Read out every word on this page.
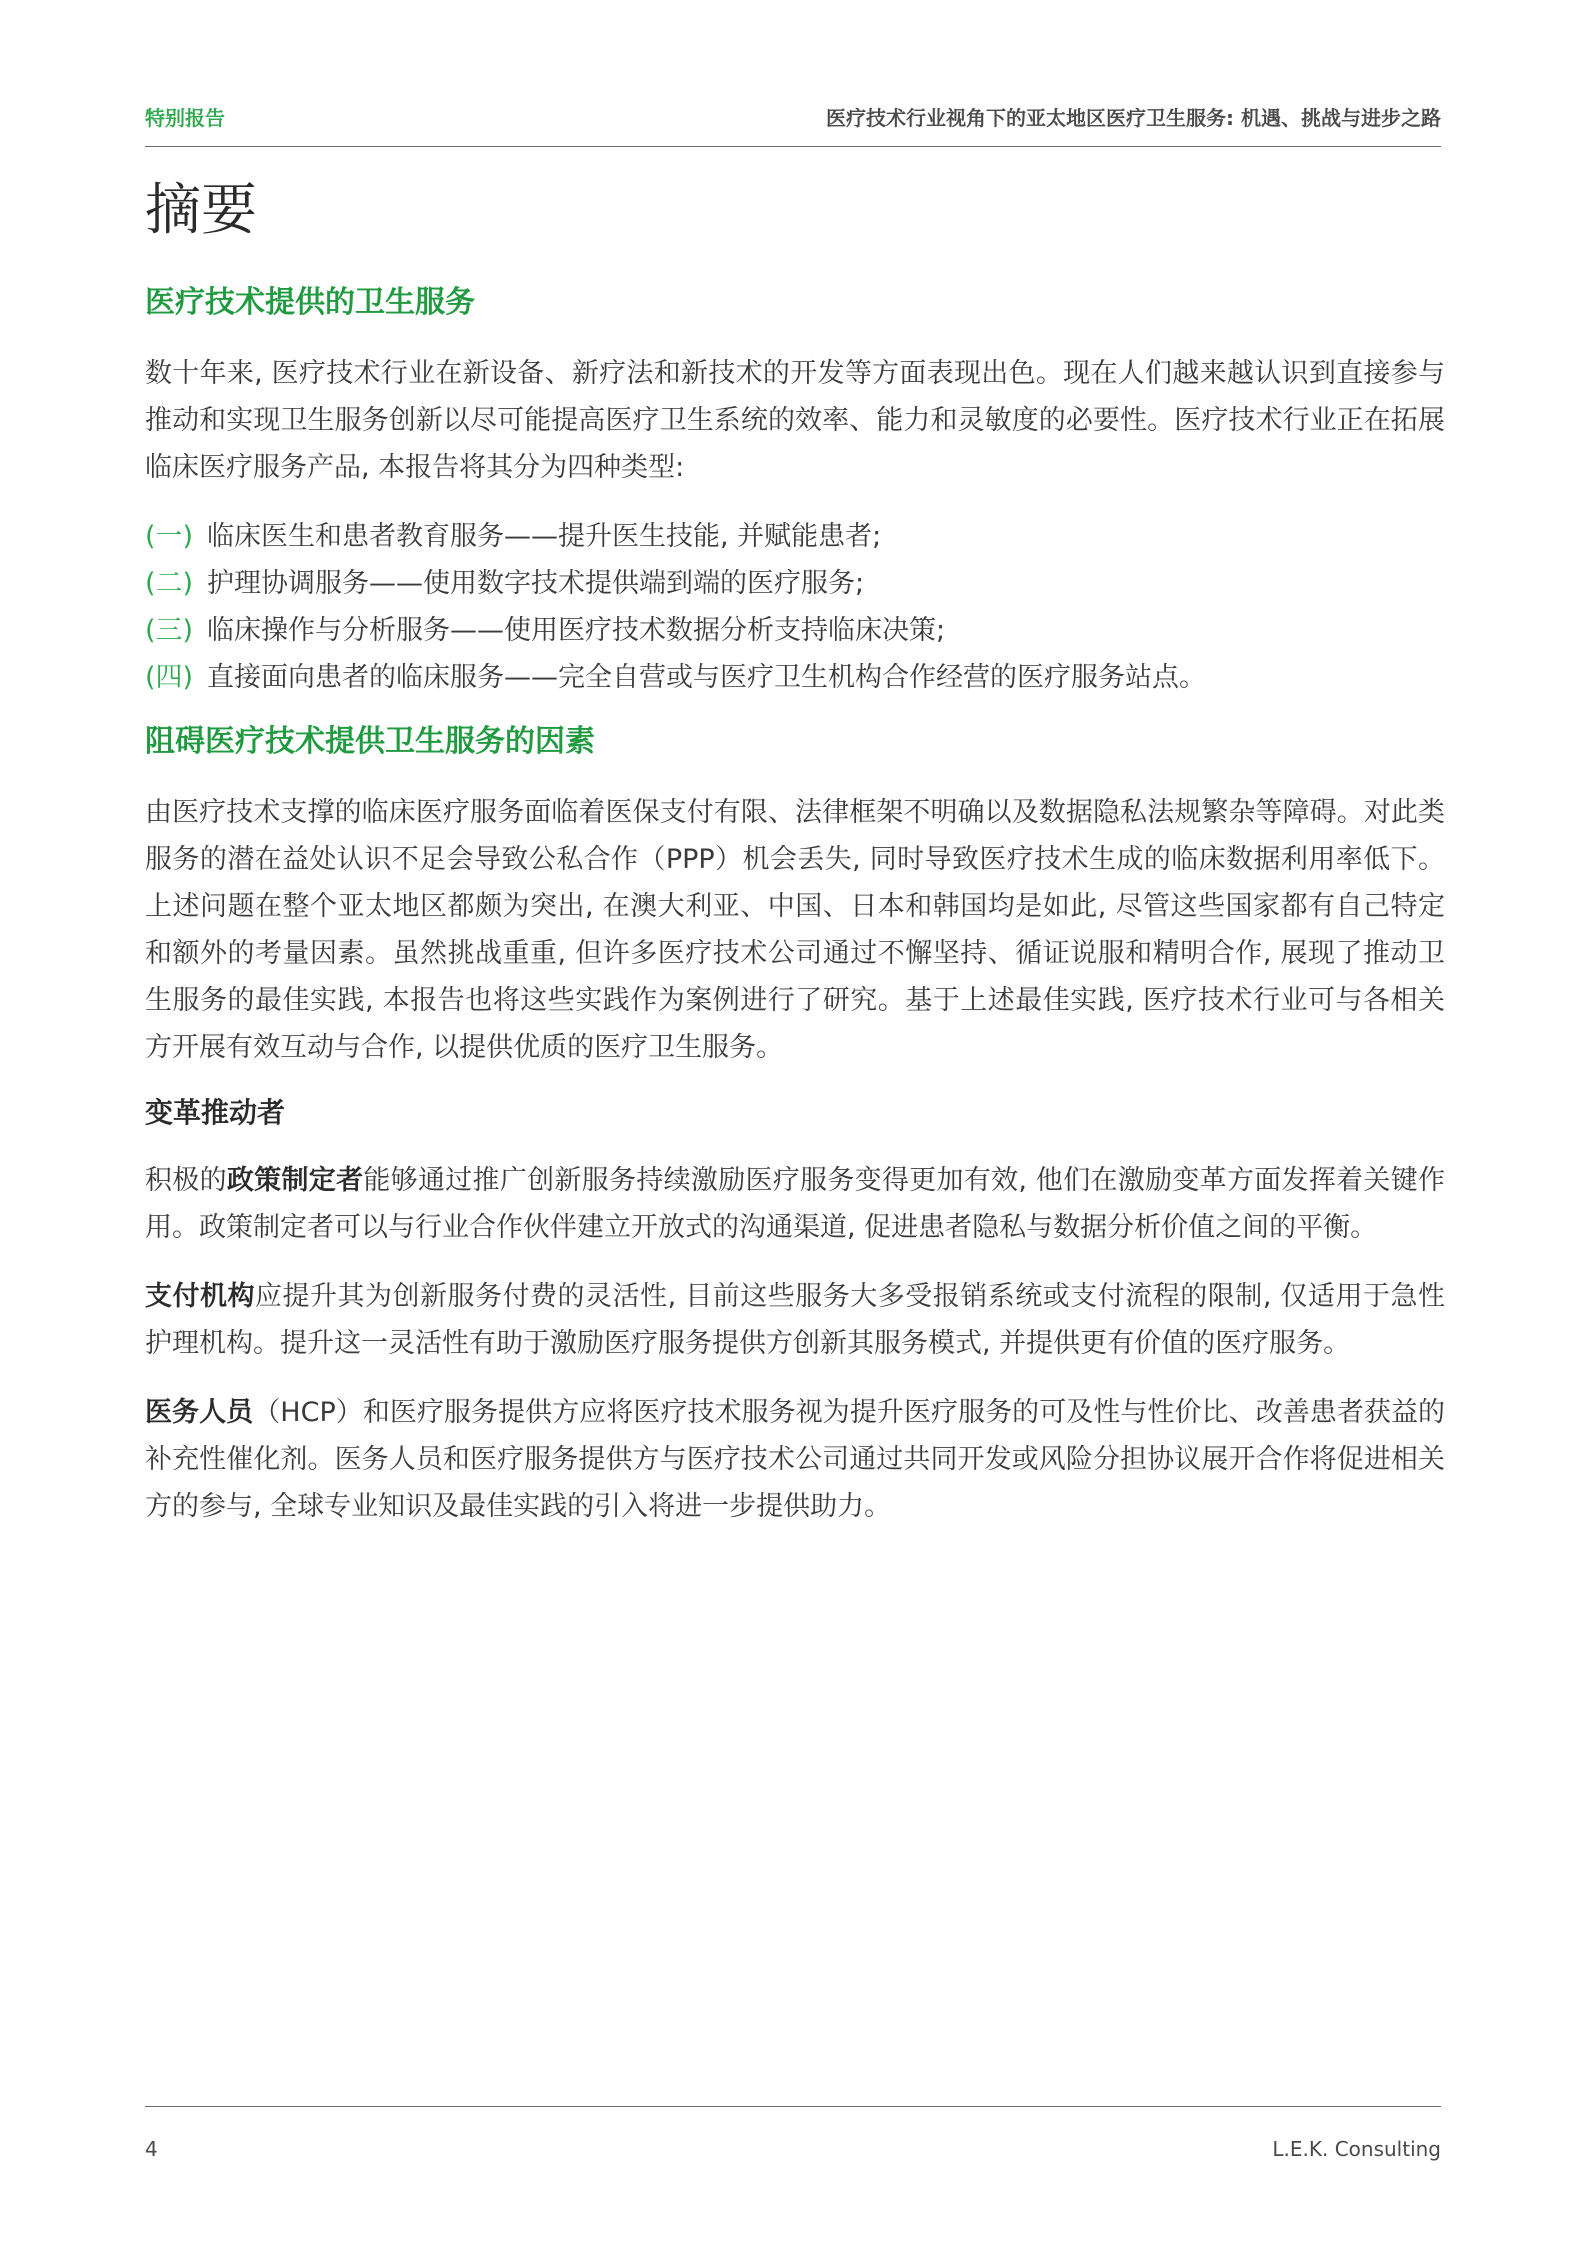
特别报告	医疗技术行业视角下的亚太地区医疗卫生服务: 机遇、挑战与进步之路
摘要
医疗技术提供的卫生服务

数十年来, 医疗技术行业在新设备、新疗法和新技术的开发等方面表现出色。现在人们越来越认识到直接参与推动和实现卫生服务创新以尽可能提高医疗卫生系统的效率、能力和灵敏度的必要性。医疗技术行业正在拓展临床医疗服务产品, 本报告将其分为四种类型:

(一) 临床医生和患者教育服务——提升医生技能, 并赋能患者;
(二) 护理协调服务——使用数字技术提供端到端的医疗服务;
(三) 临床操作与分析服务——使用医疗技术数据分析支持临床决策;
(四) 直接面向患者的临床服务——完全自营或与医疗卫生机构合作经营的医疗服务站点。
阻碍医疗技术提供卫生服务的因素

由医疗技术支撑的临床医疗服务面临着医保支付有限、法律框架不明确以及数据隐私法规繁杂等障碍。对此类服务的潜在益处认识不足会导致公私合作（PPP）机会丢失, 同时导致医疗技术生成的临床数据利用率低下。上述问题在整个亚太地区都颇为突出, 在澳大利亚、中国、日本和韩国均是如此, 尽管这些国家都有自己特定和额外的考量因素。虽然挑战重重, 但许多医疗技术公司通过不懈坚持、循证说服和精明合作, 展现了推动卫生服务的最佳实践, 本报告也将这些实践作为案例进行了研究。基于上述最佳实践, 医疗技术行业可与各相关方开展有效互动与合作, 以提供优质的医疗卫生服务。

变革推动者

积极的政策制定者能够通过推广创新服务持续激励医疗服务变得更加有效, 他们在激励变革方面发挥着关键作用。政策制定者可以与行业合作伙伴建立开放式的沟通渠道, 促进患者隐私与数据分析价值之间的平衡。

支付机构应提升其为创新服务付费的灵活性, 目前这些服务大多受报销系统或支付流程的限制, 仅适用于急性护理机构。提升这一灵活性有助于激励医疗服务提供方创新其服务模式, 并提供更有价值的医疗服务。

医务人员（HCP）和医疗服务提供方应将医疗技术服务视为提升医疗服务的可及性与性价比、改善患者获益的补充性催化剂。医务人员和医疗服务提供方与医疗技术公司通过共同开发或风险分担协议展开合作将促进相关方的参与, 全球专业知识及最佳实践的引入将进一步提供助力。

4	L.E.K. Consulting
